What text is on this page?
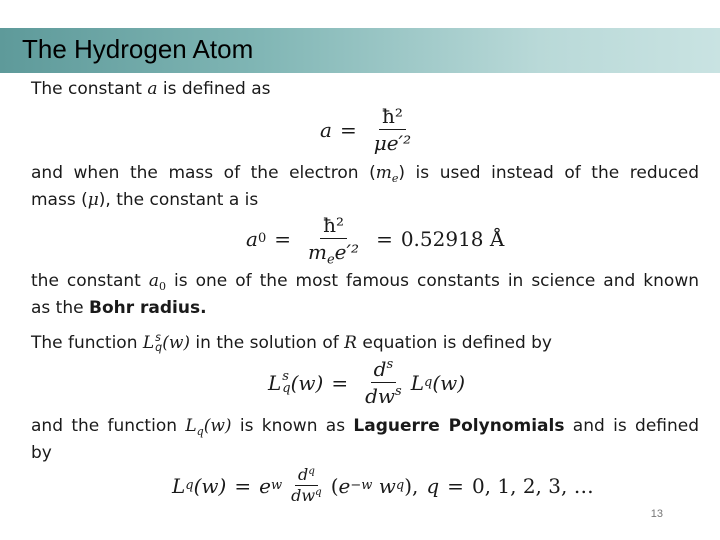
The Hydrogen Atom
The constant a is defined as
$a = \frac{\text{ħ²}}{\text{μe′²}}$
and when the mass of the electron $(m_e)$ is used instead of the reduced
mass (μ), the constant a is
a $0 = \frac{\text{ħ²}}{m_ee'^2} = 0.52918$ Å
the constant $a_0$ is one of the most famous constants in science and known
as the Bohr radius.
The function L s
q (w) in the solution of R equation is defined by
L s
q $(w) = \frac{d^s}{dw^s}$ L q (w)
and the function $L_q(w)$ is known as Laguerre Polynomials and is defined
by
L q (w) = e w $\frac{d^q}{dw^q}$ ( e −w
w q ), q = 0, 1, 2, 3, …
13
